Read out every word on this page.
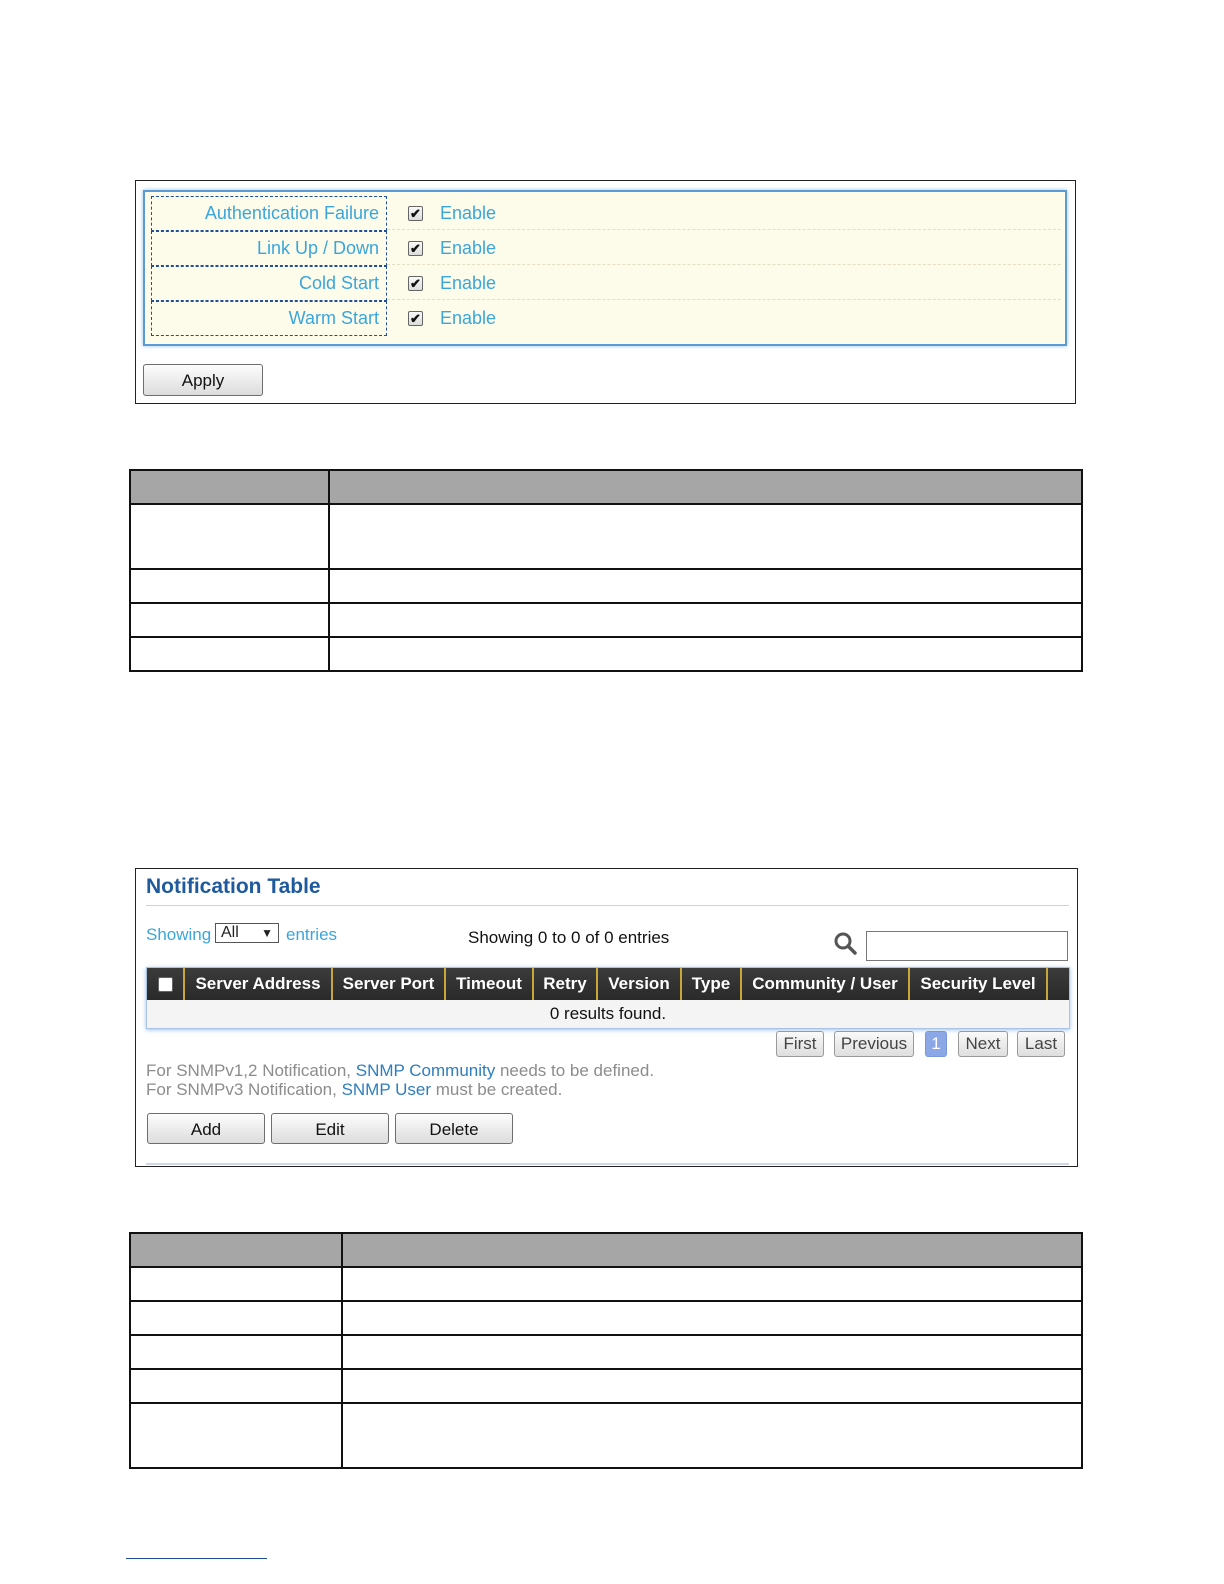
Authentication Failure	✔ Enable
Link Up / Down	✔ Enable
Cold Start	✔ Enable
Warm Start	✔ Enable
Apply

Notification Table
Showing All ▼ entries	Showing 0 to 0 of 0 entries
Server Address	Server Port	Timeout	Retry	Version	Type	Community / User	Security Level
0 results found.
First	Previous	1	Next	Last
For SNMPv1,2 Notification, SNMP Community needs to be defined.
For SNMPv3 Notification, SNMP User must be created.
Add	Edit	Delete
